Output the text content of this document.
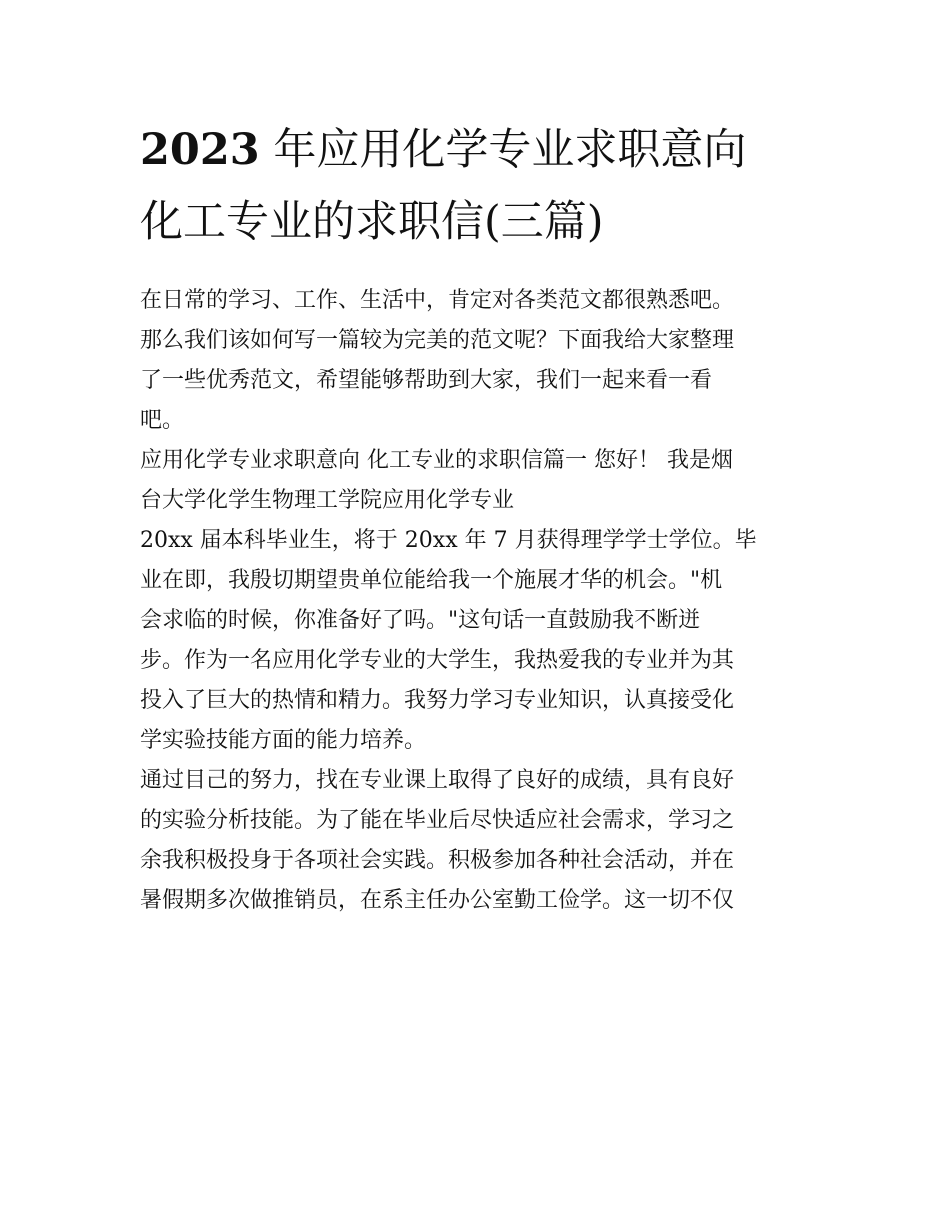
2023 年应用化学专业求职意向
化工专业的求职信(三篇)

在日常的学习、工作、生活中，肯定对各类范文都很熟悉吧。

那么我们该如何写一篇较为完美的范文呢？下面我给大家整理

了一些优秀范文，希望能够帮助到大家，我们一起来看一看

吧。

应用化学专业求职意向 化工专业的求职信篇一 您好！ 我是烟

台大学化学生物理工学院应用化学专业

20xx 届本科毕业生，将于 20xx 年 7 月获得理学学士学位。毕

业在即，我殷切期望贵单位能给我一个施展才华的机会。"机

会求临的时候，你准备好了吗。"这句话一直鼓励我不断迸

步。作为一名应用化学专业的大学生，我热爱我的专业并为其

投入了巨大的热情和精力。我努力学习专业知识，认真接受化

学实验技能方面的能力培养。

通过目己的努力，找在专业课上取得了良好的成绩，具有良好

的实验分析技能。为了能在毕业后尽快适应社会需求，学习之

余我积极投身于各项社会实践。积极参加各种社会活动，并在

暑假期多次做推销员，在系主任办公室勤工俭学。这一切不仅
